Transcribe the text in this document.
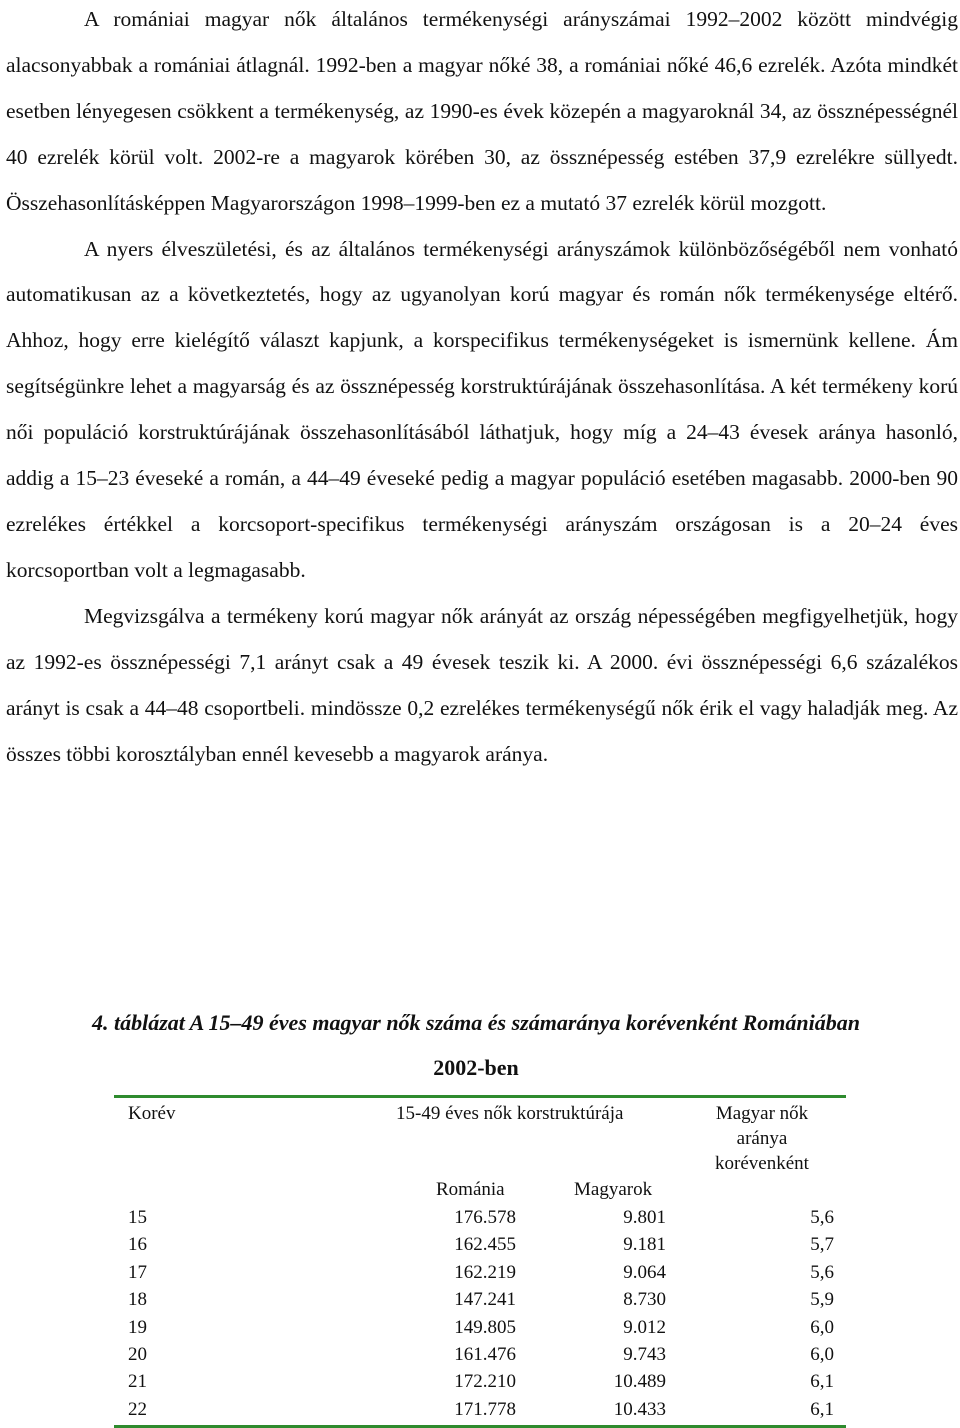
A romániai magyar nők általános termékenységi arányszámai 1992–2002 között mindvégig alacsonyabbak a romániai átlagnál. 1992-ben a magyar nőké 38, a romániai nőké 46,6 ezrelék. Azóta mindkét esetben lényegesen csökkent a termékenység, az 1990-es évek közepén a magyaroknál 34, az össznépességnél 40 ezrelék körül volt. 2002-re a magyarok körében 30, az össznépesség estében 37,9 ezrelékre süllyedt. Összehasonlításképpen Magyarországon 1998–1999-ben ez a mutató 37 ezrelék körül mozgott.

A nyers élveszületési, és az általános termékenységi arányszámok különbözőségéből nem vonható automatikusan az a következtetés, hogy az ugyanolyan korú magyar és román nők termékenysége eltérő. Ahhoz, hogy erre kielégítő választ kapjunk, a korspecifikus termékenységeket is ismernünk kellene. Ám segítségünkre lehet a magyarság és az össznépesség korstruktúrájának összehasonlítása. A két termékeny korú női populáció korstruktúrájának összehasonlításából láthatjuk, hogy míg a 24–43 évesek aránya hasonló, addig a 15–23 éveseké a román, a 44–49 éveseké pedig a magyar populáció esetében magasabb. 2000-ben 90 ezrelékes értékkel a korcsoport-specifikus termékenységi arányszám országosan is a 20–24 éves korcsoportban volt a legmagasabb.

Megvizsgálva a termékeny korú magyar nők arányát az ország népességében megfigyelhetjük, hogy az 1992-es össznépességi 7,1 arányt csak a 49 évesek teszik ki. A 2000. évi össznépességi 6,6 százalékos arányt is csak a 44–48 csoportbeli. mindössze 0,2 ezrelékes termékenységű nők érik el vagy haladják meg. Az összes többi korosztályban ennél kevesebb a magyarok aránya.

4. táblázat A 15–49 éves magyar nők száma és számaránya korévenként Romániában
2002-ben
Korév	15-49 éves nők korstruktúrája	Magyar nők aránya korévenként
Románia	Magyarok
15	176.578	9.801	5,6
16	162.455	9.181	5,7
17	162.219	9.064	5,6
18	147.241	8.730	5,9
19	149.805	9.012	6,0
20	161.476	9.743	6,0
21	172.210	10.489	6,1
22	171.778	10.433	6,1
